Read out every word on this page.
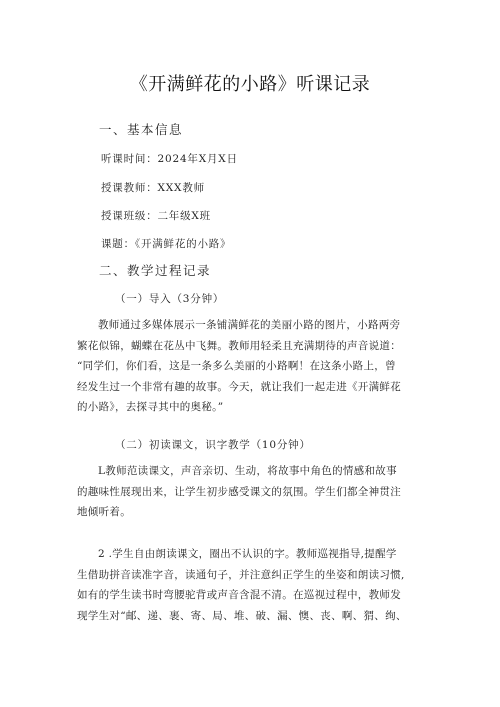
《开满鲜花的小路》听课记录
一、基本信息
听课时间：2024年X月X日
授课教师：XXX教师
授课班级：二年级X班
课题：《开满鲜花的小路》
二、教学过程记录
（一）导入（3分钟）

教师通过多媒体展示一条铺满鲜花的美丽小路的图片，小路两旁
繁花似锦，蝴蝶在花丛中飞舞。教师用轻柔且充满期待的声音说道：
“同学们，你们看，这是一条多么美丽的小路啊！在这条小路上，曾
经发生过一个非常有趣的故事。今天，就让我们一起走进《开满鲜花
的小路》，去探寻其中的奥秘。”

（二）初读课文，识字教学（10分钟）

L教师范读课文，声音亲切、生动，将故事中角色的情感和故事
的趣味性展现出来，让学生初步感受课文的氛围。学生们都全神贯注
地倾听着。

2 .学生自由朗读课文，圈出不认识的字。教师巡视指导,提醒学
生借助拼音读准字音，读通句子，并注意纠正学生的坐姿和朗读习惯,
如有的学生读书时弯腰驼背或声音含混不清。在巡视过程中，教师发
现学生对“邮、递、裹、寄、局、堆、破、漏、懊、丧、啊、猬、绚、
